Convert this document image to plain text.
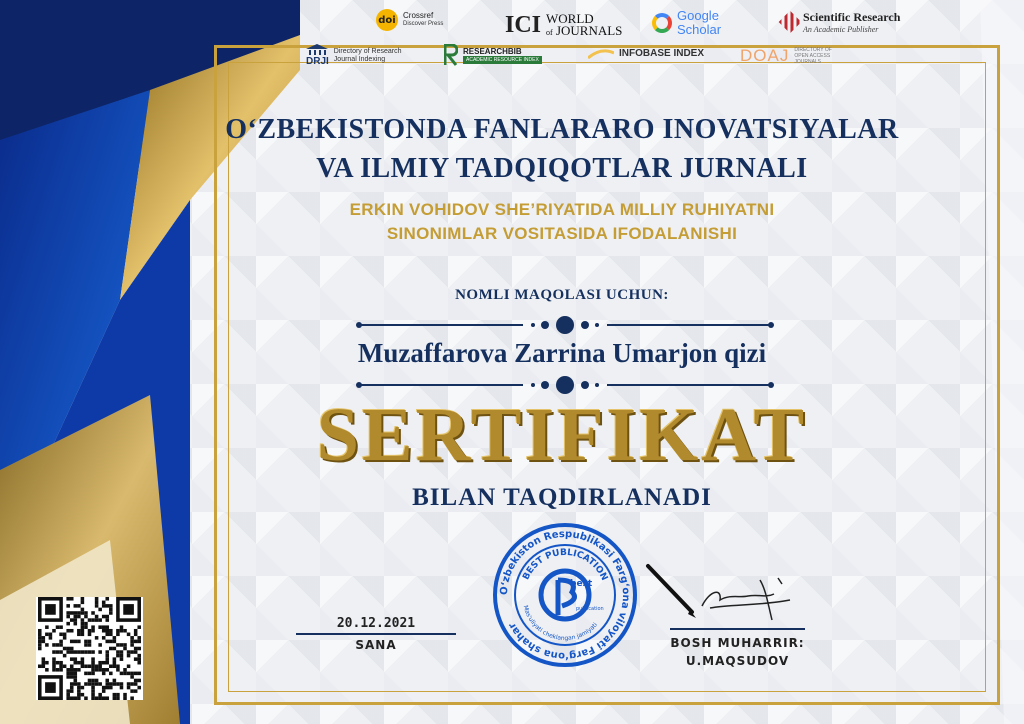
doi Crossref
Discover Press	ICI WORLD
of JOURNALS
Google
Scholar
Scientific Research
An Academic Publisher
DRJI
Directory of Research Journal Indexing
RESEARCHBIB
ACADEMIC RESOURCE INDEX
INFOBASE INDEX DOAJ DIRECTORY OF OPEN ACCESS JOURNALS
O‘ZBEKISTONDA FANLARARO INOVATSIYALAR
VA ILMIY TADQIQOTLAR JURNALI
ERKIN VOHIDOV SHE’RIYATIDA MILLIY RUHIYATNI
SINONIMLAR VOSITASIDA IFODALANISHI
NOMLI MAQOLASI UCHUN:
Muzaffarova Zarrina Umarjon qizi
SERTIFIKAT
BILAN TAQDIRLANADI
20.12.2021
SANA
O‘zbekiston Respublikasi Farg‘ona viloyati Farg‘ona shahar
BEST PUBLICATION
Mas'uliyati cheklangan jamiyati
best
publication
BOSH MUHARRIR:
U.MAQSUDOV
